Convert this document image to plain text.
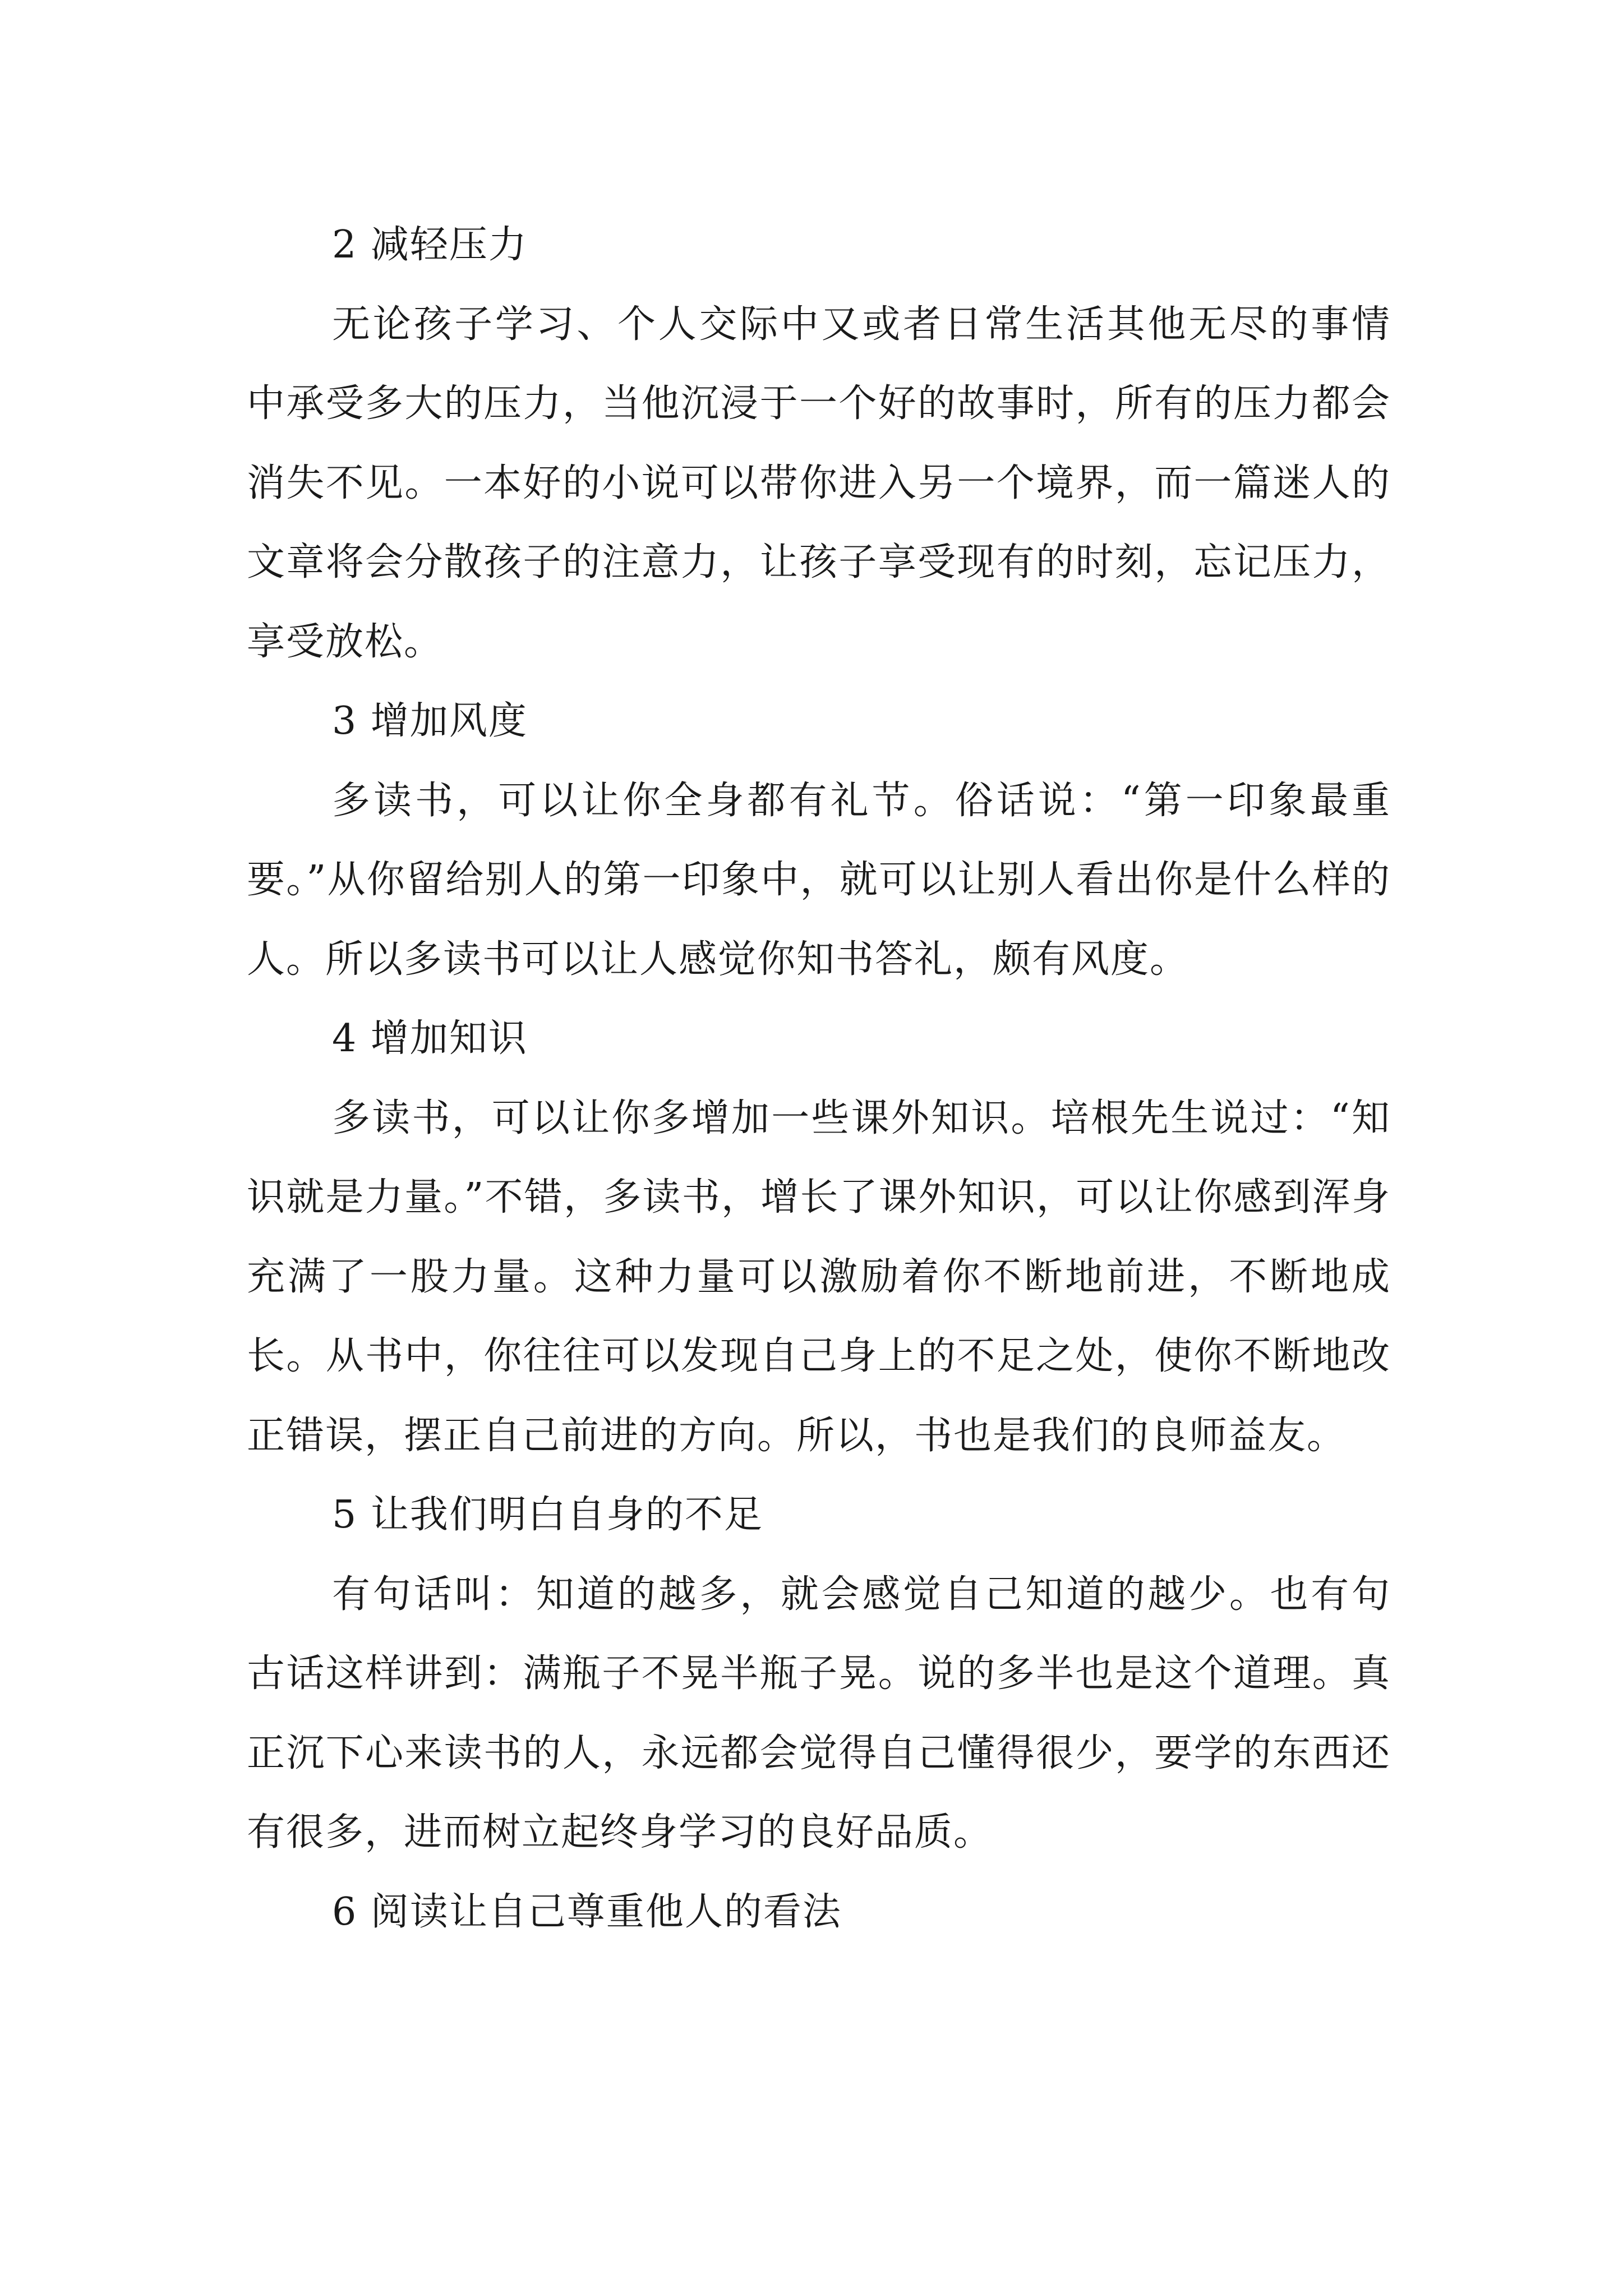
2 减轻压力

无论孩子学习、个人交际中又或者日常生活其他无尽的事情中承受多大的压力，当他沉浸于一个好的故事时，所有的压力都会消失不见。一本好的小说可以带你进入另一个境界，而一篇迷人的文章将会分散孩子的注意力，让孩子享受现有的时刻，忘记压力，享受放松。

3 增加风度

多读书，可以让你全身都有礼节。俗话说：“第一印象最重要。”从你留给别人的第一印象中，就可以让别人看出你是什么样的人。所以多读书可以让人感觉你知书答礼，颇有风度。

4 增加知识

多读书，可以让你多增加一些课外知识。培根先生说过：“知识就是力量。”不错，多读书，增长了课外知识，可以让你感到浑身充满了一股力量。这种力量可以激励着你不断地前进，不断地成长。从书中，你往往可以发现自己身上的不足之处，使你不断地改正错误，摆正自己前进的方向。所以，书也是我们的良师益友。

5 让我们明白自身的不足

有句话叫：知道的越多，就会感觉自己知道的越少。也有句古话这样讲到：满瓶子不晃半瓶子晃。说的多半也是这个道理。真正沉下心来读书的人，永远都会觉得自己懂得很少，要学的东西还有很多，进而树立起终身学习的良好品质。

6 阅读让自己尊重他人的看法
